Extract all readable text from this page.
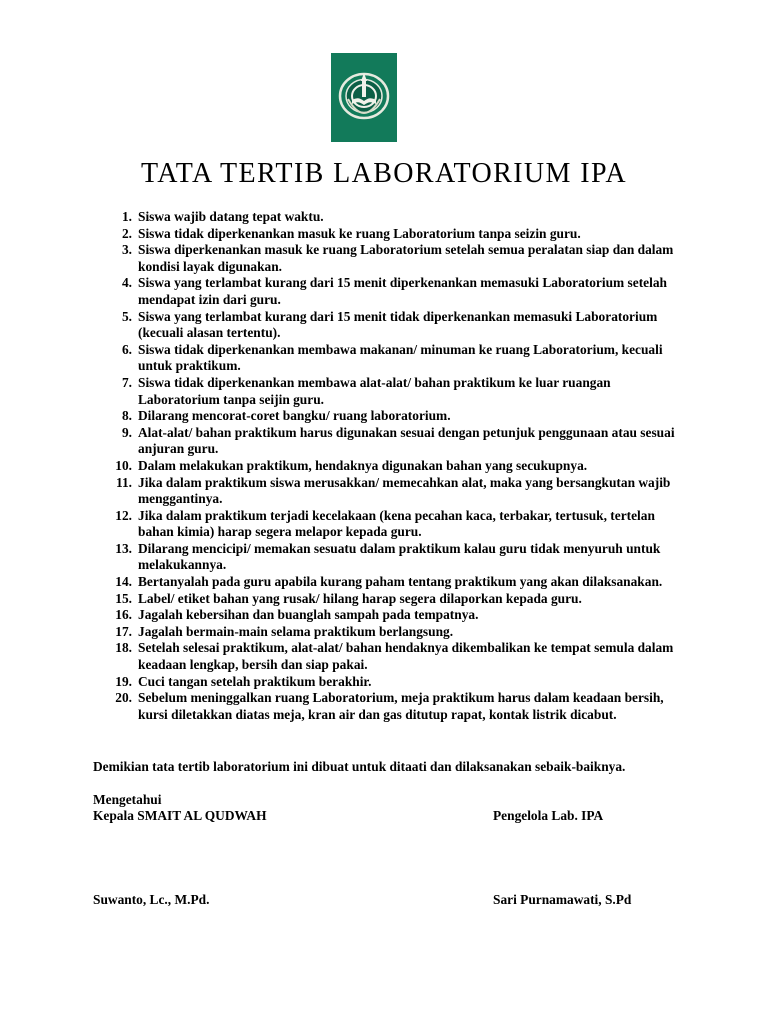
TATA TERTIB LABORATORIUM IPA
1. Siswa wajib datang tepat waktu.
2. Siswa tidak diperkenankan masuk ke ruang Laboratorium tanpa seizin guru.
3. Siswa diperkenankan masuk ke ruang Laboratorium setelah semua peralatan siap dan dalam kondisi layak digunakan.
4. Siswa yang terlambat kurang dari 15 menit diperkenankan memasuki Laboratorium setelah mendapat izin dari guru.
5. Siswa yang terlambat kurang dari 15 menit tidak diperkenankan memasuki Laboratorium (kecuali alasan tertentu).
6. Siswa tidak diperkenankan membawa makanan/ minuman ke ruang Laboratorium, kecuali untuk praktikum.
7. Siswa tidak diperkenankan membawa alat-alat/ bahan praktikum ke luar ruangan Laboratorium tanpa seijin guru.
8. Dilarang mencorat-coret bangku/ ruang laboratorium.
9. Alat-alat/ bahan praktikum harus digunakan sesuai dengan petunjuk penggunaan atau sesuai anjuran guru.
10. Dalam melakukan praktikum, hendaknya digunakan bahan yang secukupnya.
11. Jika dalam praktikum siswa merusakkan/ memecahkan alat, maka yang bersangkutan wajib menggantinya.
12. Jika dalam praktikum terjadi kecelakaan (kena pecahan kaca, terbakar, tertusuk, tertelan bahan kimia) harap segera melapor kepada guru.
13. Dilarang mencicipi/ memakan sesuatu dalam praktikum kalau guru tidak menyuruh untuk melakukannya.
14. Bertanyalah pada guru apabila kurang paham tentang praktikum yang akan dilaksanakan.
15. Label/ etiket bahan yang rusak/ hilang harap segera dilaporkan kepada guru.
16. Jagalah kebersihan dan buanglah sampah pada tempatnya.
17. Jagalah bermain-main selama praktikum berlangsung.
18. Setelah selesai praktikum, alat-alat/ bahan hendaknya dikembalikan ke tempat semula dalam keadaan lengkap, bersih dan siap pakai.
19. Cuci tangan setelah praktikum berakhir.
20. Sebelum meninggalkan ruang Laboratorium, meja praktikum harus dalam keadaan bersih, kursi diletakkan diatas meja, kran air dan gas ditutup rapat, kontak listrik dicabut.
Demikian tata tertib laboratorium ini dibuat untuk ditaati dan dilaksanakan sebaik-baiknya.
Mengetahui
Kepala SMAIT AL QUDWAH	Pengelola Lab. IPA
Suwanto, Lc., M.Pd.	Sari Purnamawati, S.Pd
